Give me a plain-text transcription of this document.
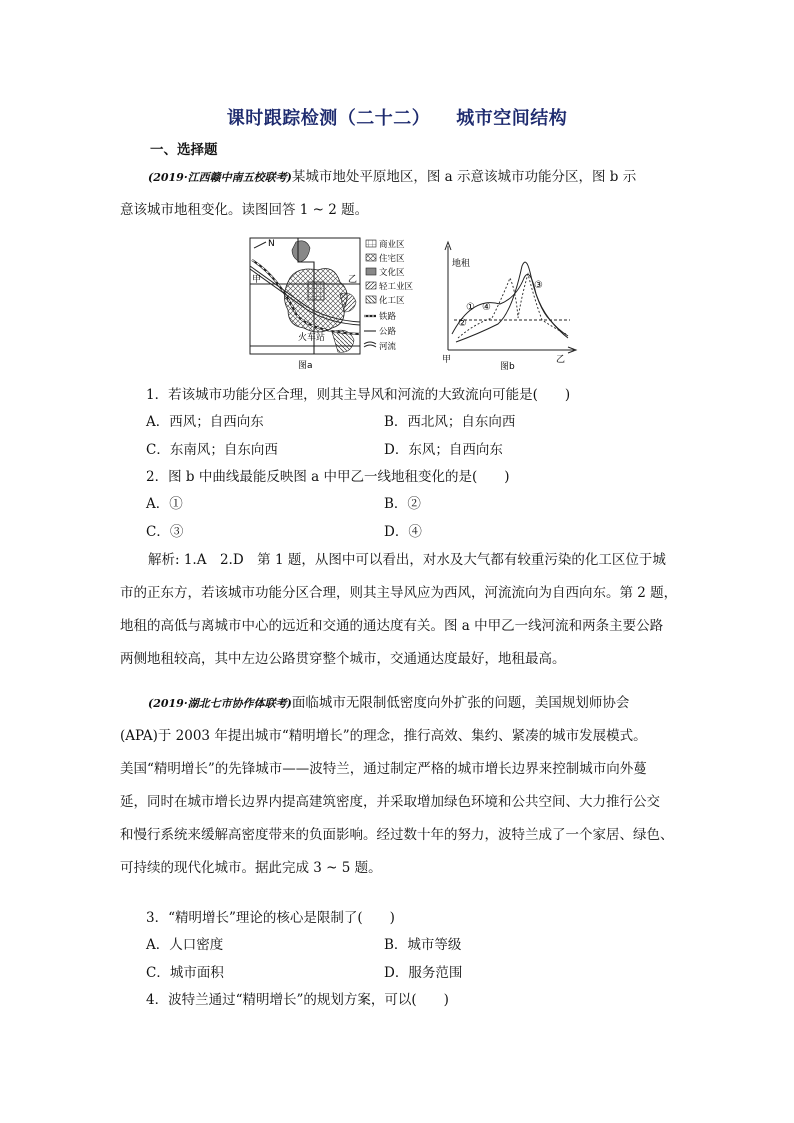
课时跟踪检测（二十二） 城市空间结构
一、选择题
(2019·江西赣中南五校联考)某城市地处平原地区，图 a 示意该城市功能分区，图 b 示
意该城市地租变化。读图回答 1 ~ 2 题。
N
甲	乙
火车站
图a
商业区
住宅区
文化区
轻工业区
化工区
铁路
公路
河流
地租
①
②
③
④
甲	乙
图b
1．若该城市功能分区合理，则其主导风和河流的大致流向可能是(　　)
A．西风；自西向东	B．西北风；自东向西
C．东南风；自东向西	D．东风；自西向东
2．图 b 中曲线最能反映图 a 中甲乙一线地租变化的是(　　)
A．①	B．②
C．③	D．④
解析: 1.A　2.D　第 1 题，从图中可以看出，对水及大气都有较重污染的化工区位于城
市的正东方，若该城市功能分区合理，则其主导风应为西风，河流流向为自西向东。第 2 题，
地租的高低与离城市中心的远近和交通的通达度有关。图 a 中甲乙一线河流和两条主要公路
两侧地租较高，其中左边公路贯穿整个城市，交通通达度最好，地租最高。
(2019·湖北七市协作体联考)面临城市无限制低密度向外扩张的问题，美国规划师协会
(APA)于 2003 年提出城市“精明增长”的理念，推行高效、集约、紧凑的城市发展模式。
美国“精明增长”的先锋城市——波特兰，通过制定严格的城市增长边界来控制城市向外蔓
延，同时在城市增长边界内提高建筑密度，并采取增加绿色环境和公共空间、大力推行公交
和慢行系统来缓解高密度带来的负面影响。经过数十年的努力，波特兰成了一个家居、绿色、
可持续的现代化城市。据此完成 3 ~ 5 题。
3．“精明增长”理论的核心是限制了(　　)
A．人口密度	B．城市等级
C．城市面积	D．服务范围
4．波特兰通过“精明增长”的规划方案，可以(　　)
